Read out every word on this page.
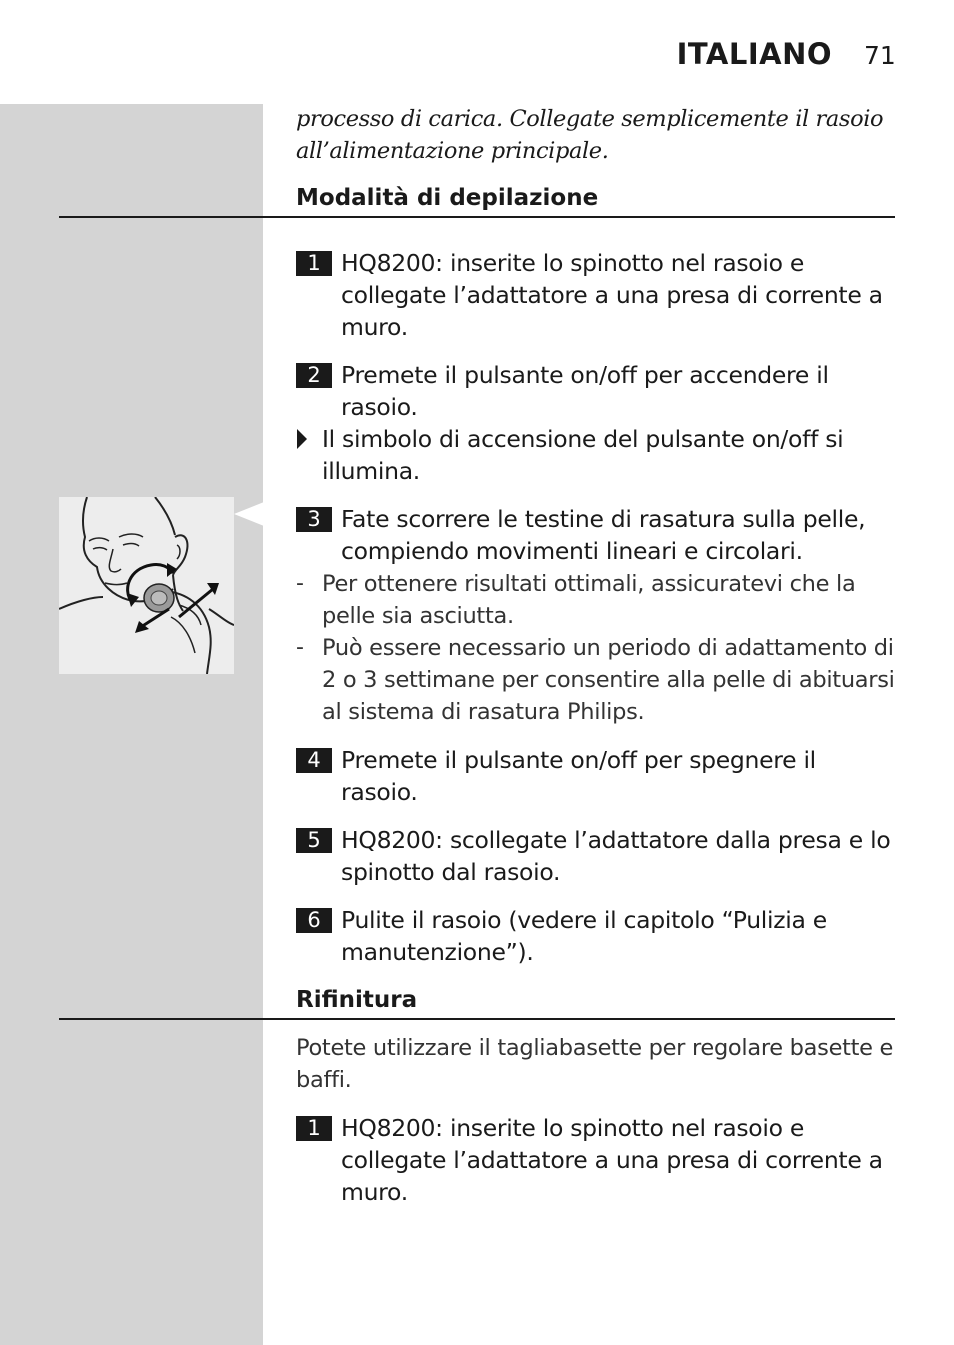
ITALIANO 71
processo di carica. Collegate semplicemente il rasoio all’alimentazione principale.
Modalità di depilazione
1 HQ8200: inserite lo spinotto nel rasoio e collegate l’adattatore a una presa di corrente a muro.
2 Premete il pulsante on/off per accendere il rasoio.
Il simbolo di accensione del pulsante on/off si illumina.
3 Fate scorrere le testine di rasatura sulla pelle, compiendo movimenti lineari e circolari.
- Per ottenere risultati ottimali, assicuratevi che la pelle sia asciutta.
- Può essere necessario un periodo di adattamento di 2 o 3 settimane per consentire alla pelle di abituarsi al sistema di rasatura Philips.
4 Premete il pulsante on/off per spegnere il rasoio.
5 HQ8200: scollegate l’adattatore dalla presa e lo spinotto dal rasoio.
6 Pulite il rasoio (vedere il capitolo “Pulizia e manutenzione”).
Rifinitura
Potete utilizzare il tagliabasette per regolare basette e baffi.
1 HQ8200: inserite lo spinotto nel rasoio e collegate l’adattatore a una presa di corrente a muro.
